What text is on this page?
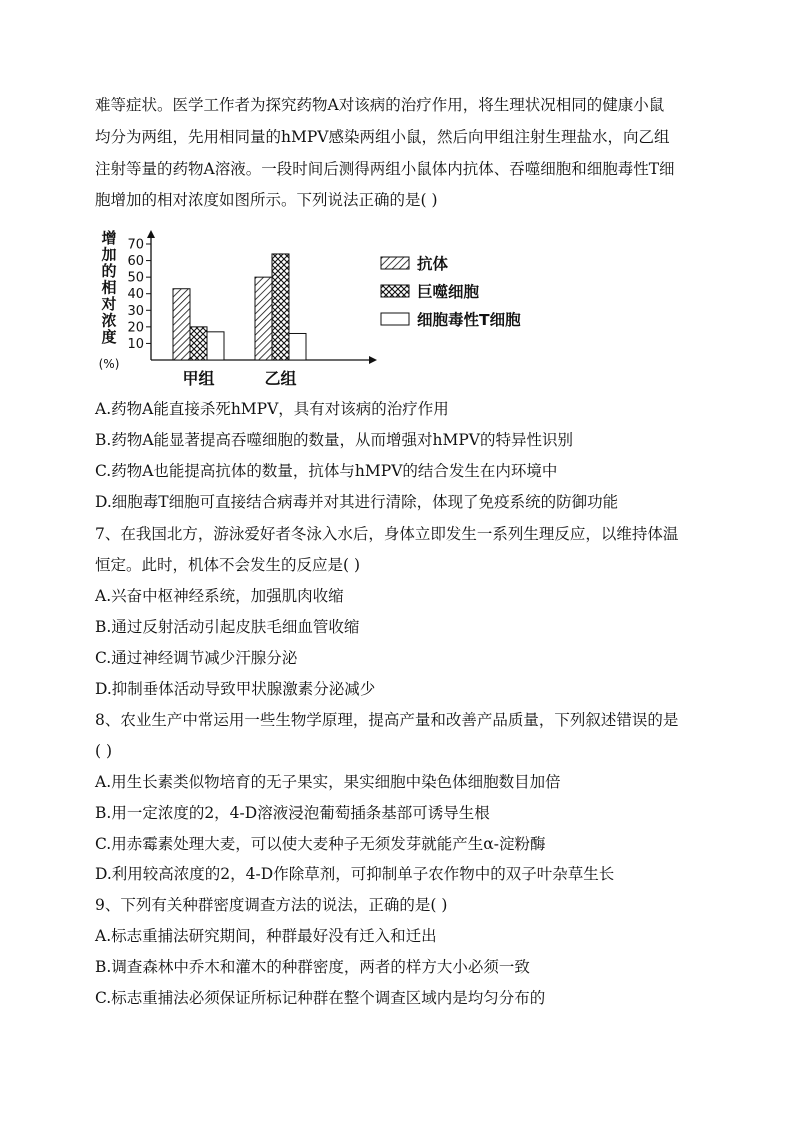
难等症状。医学工作者为探究药物A对该病的治疗作用，将生理状况相同的健康小鼠
均分为两组，先用相同量的hMPV感染两组小鼠，然后向甲组注射生理盐水，向乙组
注射等量的药物A溶液。一段时间后测得两组小鼠体内抗体、吞噬细胞和细胞毒性T细
胞增加的相对浓度如图所示。下列说法正确的是( )
增
加
的
相
对
浓
度
(%)
10
20
30
40
50
60
70
甲组	乙组
抗体
巨噬细胞
细胞毒性T细胞
A.药物A能直接杀死hMPV，具有对该病的治疗作用
B.药物A能显著提高吞噬细胞的数量，从而增强对hMPV的特异性识别
C.药物A也能提高抗体的数量，抗体与hMPV的结合发生在内环境中
D.细胞毒T细胞可直接结合病毒并对其进行清除，体现了免疫系统的防御功能
7、在我国北方，游泳爱好者冬泳入水后，身体立即发生一系列生理反应，以维持体温
恒定。此时，机体不会发生的反应是( )
A.兴奋中枢神经系统，加强肌肉收缩
B.通过反射活动引起皮肤毛细血管收缩
C.通过神经调节减少汗腺分泌
D.抑制垂体活动导致甲状腺激素分泌减少
8、农业生产中常运用一些生物学原理，提高产量和改善产品质量，下列叙述错误的是
( )
A.用生长素类似物培育的无子果实，果实细胞中染色体细胞数目加倍
B.用一定浓度的2，4-D溶液浸泡葡萄插条基部可诱导生根
C.用赤霉素处理大麦，可以使大麦种子无须发芽就能产生α-淀粉酶
D.利用较高浓度的2，4-D作除草剂，可抑制单子农作物中的双子叶杂草生长
9、下列有关种群密度调查方法的说法，正确的是( )
A.标志重捕法研究期间，种群最好没有迁入和迁出
B.调查森林中乔木和灌木的种群密度，两者的样方大小必须一致
C.标志重捕法必须保证所标记种群在整个调查区域内是均匀分布的
